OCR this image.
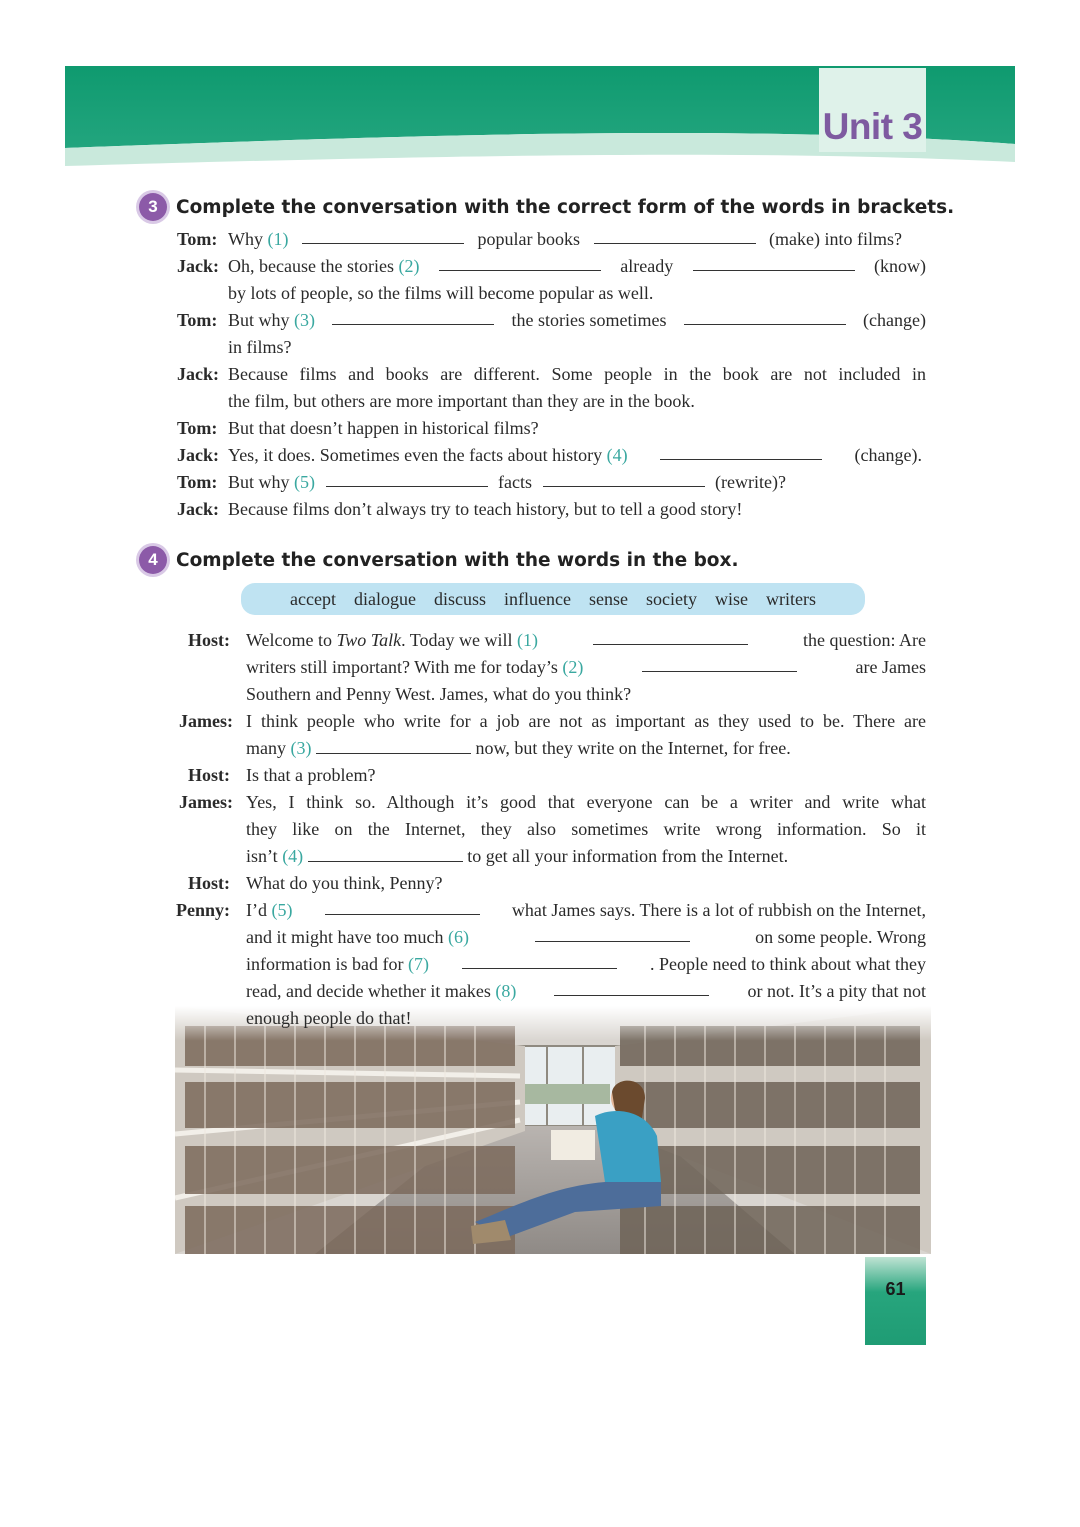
Unit 3
3 Complete the conversation with the correct form of the words in brackets.
Tom: Why (1)	popular books	(make) into films?
Jack: Oh, because the stories (2)	already	(know)
by lots of people, so the films will become popular as well.
Tom: But why (3)	the stories sometimes	(change)
in films?
Jack: Because films and books are different. Some people in the book are not included in
the film, but others are more important than they are in the book.
Tom: But that doesn’t happen in historical films?
Jack: Yes, it does. Sometimes even the facts about history (4)	(change).
Tom: But why (5)	facts	(rewrite)?
Jack: Because films don’t always try to teach history, but to tell a good story!
4 Complete the conversation with the words in the box.
accept dialogue discuss influence sense society wise writers
Host: Welcome to Two Talk. Today we will (1)	the question: Are
writers still important? With me for today’s (2)	are James
Southern and Penny West. James, what do you think?
James: I think people who write for a job are not as important as they used to be. There are
many (3)	now, but they write on the Internet, for free.
Host: Is that a problem?
James: Yes, I think so. Although it’s good that everyone can be a writer and write what
they like on the Internet, they also sometimes write wrong information. So it
isn’t (4)	to get all your information from the Internet.
Host: What do you think, Penny?
Penny: I’d (5)	what James says. There is a lot of rubbish on the Internet,
and it might have too much (6)	on some people. Wrong
information is bad for (7)	. People need to think about what they
read, and decide whether it makes (8)	or not. It’s a pity that not
enough people do that!
61
